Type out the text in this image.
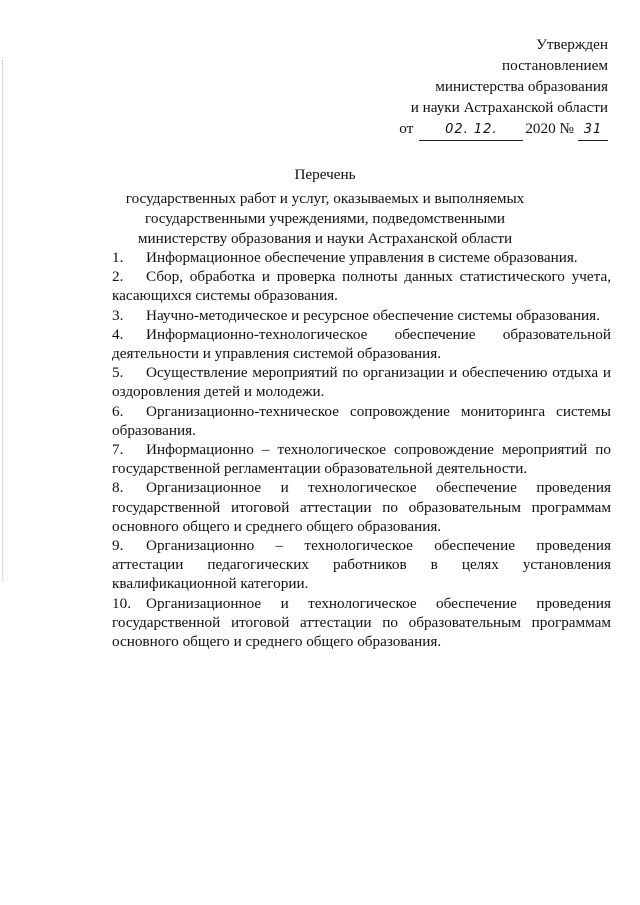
Утвержден
постановлением
министерства образования
и науки Астраханской области
от	02. 12.	2020 № 31
Перечень
государственных работ и услуг, оказываемых и выполняемых государственными учреждениями, подведомственными министерству образования и науки Астраханской области
1. Информационное обеспечение управления в системе образования.
2. Сбор, обработка и проверка полноты данных статистического учета, касающихся системы образования.
3. Научно-методическое и ресурсное обеспечение системы образования.
4. Информационно-технологическое обеспечение образовательной деятельности и управления системой образования.
5. Осуществление мероприятий по организации и обеспечению отдыха и оздоровления детей и молодежи.
6. Организационно-техническое сопровождение мониторинга системы образования.
7. Информационно – технологическое сопровождение мероприятий по государственной регламентации образовательной деятельности.
8. Организационное и технологическое обеспечение проведения государственной итоговой аттестации по образовательным программам основного общего и среднего общего образования.
9. Организационно – технологическое обеспечение проведения аттестации педагогических работников в целях установления квалификационной категории.
10. Организационное и технологическое обеспечение проведения государственной итоговой аттестации по образовательным программам основного общего и среднего общего образования.
